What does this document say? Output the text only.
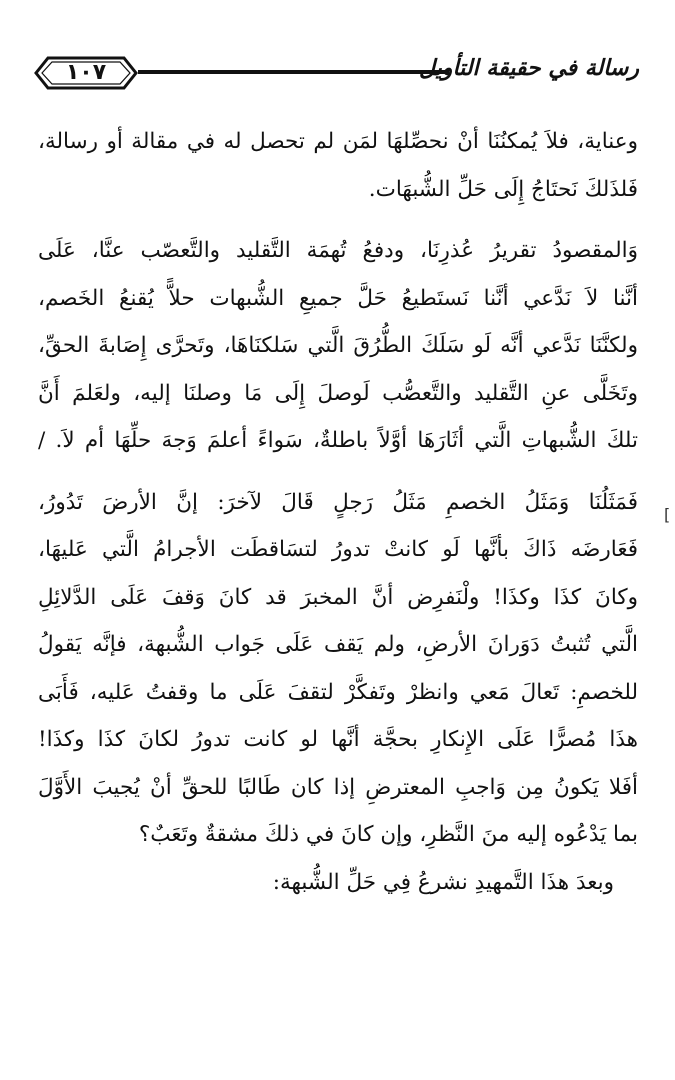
١٠٧	رسالة في حقيقة التأويل
وعناية، فلاَ يُمكنُنَا أنْ نحصِّلهَا لمَن لم تحصل له في مقالة أو رسالة،
فَلذَلكَ نَحتَاجُ إِلَى حَلِّ الشُّبهَات.
وَالمقصودُ تقريرُ عُذرِنَا، ودفعُ تُهمَة التَّقليد والتَّعصّب عنَّا، عَلَى
أنَّنا لاَ نَدَّعي أنَّنا نَستَطيعُ حَلَّ جميعِ الشُّبهات حلاًّ يُقنعُ الخَصم،
ولكنَّنَا نَدَّعي أنَّه لَو سَلَكَ الطُّرُقَ الَّتي سَلكنَاهَا، وتَحرَّى إِصَابةَ الحقِّ،
وتَخَلَّى عنِ التَّقليد والتَّعصُّب لَوصلَ إِلَى مَا وصلنَا إليه، ولعَلمَ أَنَّ
تلكَ الشُّبهاتِ الَّتي أثَارَهَا أوَّلاً باطلةٌ، سَواءً أعلمَ وَجهَ حلِّهَا أم لاَ. /
فَمَثَلُنَا وَمَثَلُ الخصمِ مَثَلُ رَجلٍ قَالَ لآخرَ: إنَّ الأرضَ تَدُورُ،
فَعَارضَه ذَاكَ بأنَّها لَو كانتْ تدورُ لتسَاقطَت الأجرامُ الَّتي عَليهَا،
وكانَ كذَا وكذَا! ولْنَفرِض أنَّ المخبرَ قد كانَ وَقفَ عَلَى الدَّلائِلِ
الَّتي تُثبتُ دَوَرانَ الأرضِ، ولم يَقف عَلَى جَواب الشُّبهة، فإنَّه يَقولُ
للخصمِ: تَعالَ مَعي وانظرْ وتَفكَّرْ لتقفَ عَلَى ما وقفتُ عَليه، فَأَبَى
هذَا مُصرًّا عَلَى الإِنكارِ بحجَّة أنَّها لو كانت تدورُ لكانَ كذَا وكذَا!
أفَلا يَكونُ مِن وَاجبِ المعترضِ إذا كان طَالبًا للحقِّ أنْ يُجيبَ الأَوَّلَ
بما يَدْعُوه إليه منَ النَّظرِ، وإن كانَ في ذلكَ مشقةٌ وتَعَبٌ؟
وبعدَ هذَا التَّمهيدِ نشرعُ فِي حَلِّ الشُّبهة:
[
